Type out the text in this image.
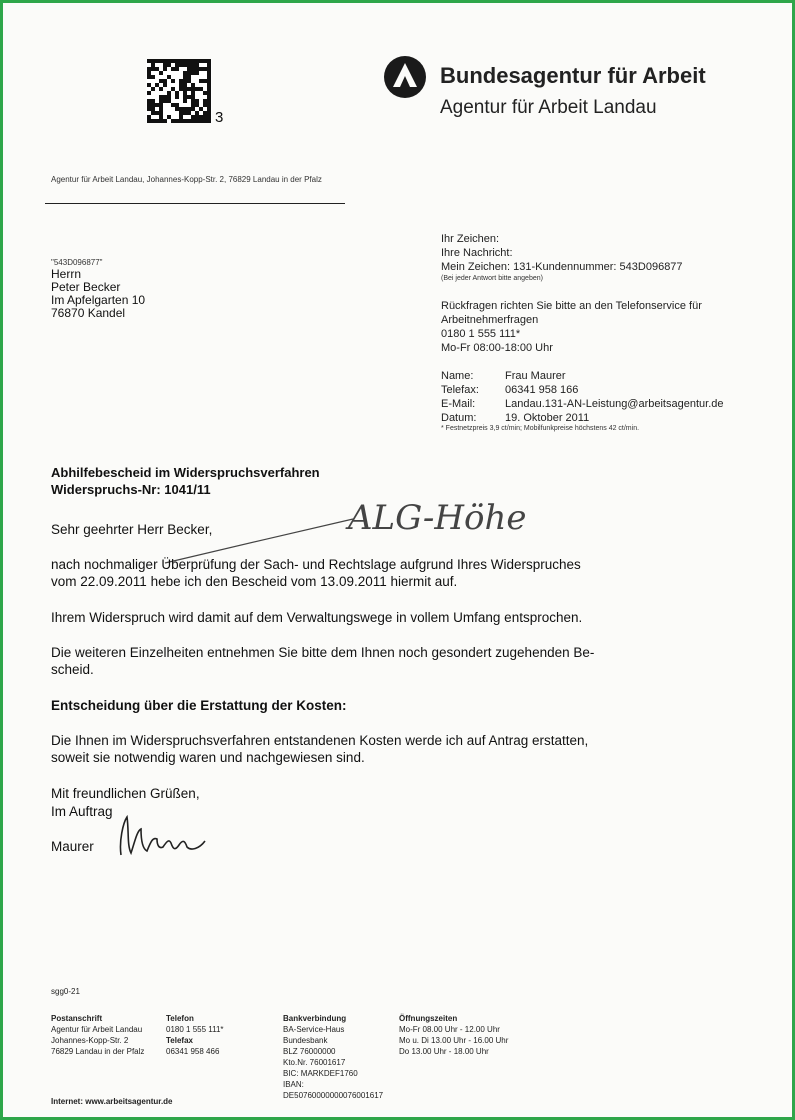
3
Bundesagentur für Arbeit
Agentur für Arbeit Landau
Agentur für Arbeit Landau, Johannes-Kopp-Str. 2, 76829 Landau in der Pfalz
"543D096877"
Herrn
Peter Becker
Im Apfelgarten 10
76870 Kandel
Ihr Zeichen:
Ihre Nachricht:
Mein Zeichen: 131-Kundennummer: 543D096877
(Bei jeder Antwort bitte angeben)
Rückfragen richten Sie bitte an den Telefonservice für
Arbeitnehmerfragen
0180 1 555 111*
Mo-Fr 08:00-18:00 Uhr
Name:	Frau Maurer
Telefax: 06341 958 166
E-Mail:	Landau.131-AN-Leistung@arbeitsagentur.de
Datum:	19. Oktober 2011
* Festnetzpreis 3,9 ct/min; Mobilfunkpreise höchstens 42 ct/min.
Abhilfebescheid im Widerspruchsverfahren
Widerspruchs-Nr: 1041/11
Sehr geehrter Herr Becker,	ALG-Höhe
nach nochmaliger Überprüfung der Sach- und Rechtslage aufgrund Ihres Widerspruches
vom 22.09.2011 hebe ich den Bescheid vom 13.09.2011 hiermit auf.
Ihrem Widerspruch wird damit auf dem Verwaltungswege in vollem Umfang entsprochen.
Die weiteren Einzelheiten entnehmen Sie bitte dem Ihnen noch gesondert zugehenden Be-
scheid.
Entscheidung über die Erstattung der Kosten:
Die Ihnen im Widerspruchsverfahren entstandenen Kosten werde ich auf Antrag erstatten,
soweit sie notwendig waren und nachgewiesen sind.
Mit freundlichen Grüßen,
Im Auftrag
Maurer
sgg0-21
Postanschrift
Agentur für Arbeit Landau
Johannes-Kopp-Str. 2
76829 Landau in der Pfalz
Telefon
0180 1 555 111*
Telefax
06341 958 466
Bankverbindung
BA-Service-Haus
Bundesbank
BLZ 76000000
Kto.Nr. 76001617
BIC: MARKDEF1760
IBAN:
DE50760000000076001617
Öffnungszeiten
Mo-Fr 08.00 Uhr - 12.00 Uhr
Mo u. Di 13.00 Uhr - 16.00 Uhr
Do 13.00 Uhr - 18.00 Uhr
Internet: www.arbeitsagentur.de
